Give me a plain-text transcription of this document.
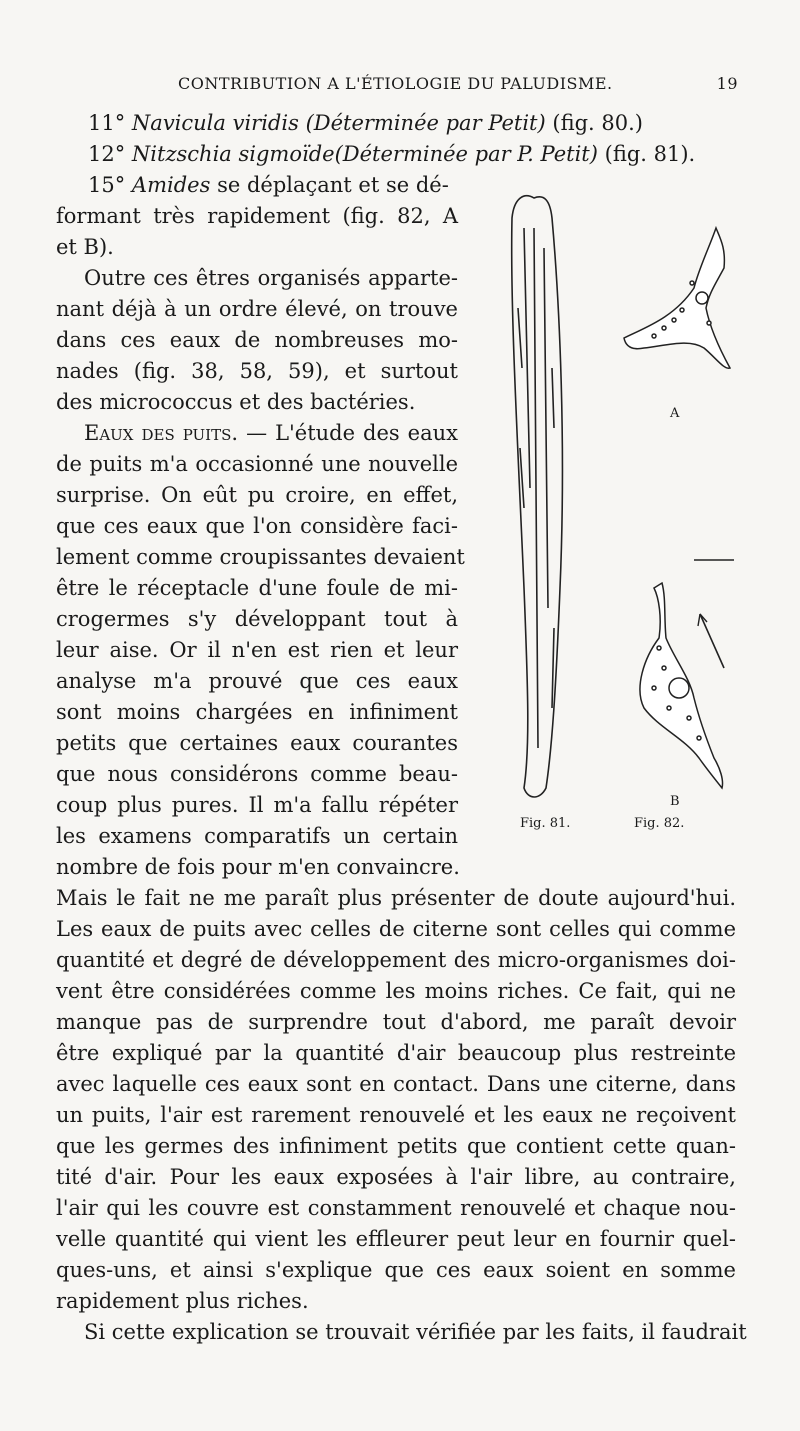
CONTRIBUTION A L'ÉTIOLOGIE DU PALUDISME.	19
11° Navicula viridis (Déterminée par Petit) (fig. 80.)
12° Nitzschia sigmoïde(Déterminée par P. Petit) (fig. 81).
15° Amides se déplaçant et se dé-
formant très rapidement (fig. 82, A
et B).
Outre ces êtres organisés apparte-
nant déjà à un ordre élevé, on trouve
dans ces eaux de nombreuses mo-
nades (fig. 38, 58, 59), et surtout
des micrococcus et des bactéries.
Eaux des puits. — L'étude des eaux
de puits m'a occasionné une nouvelle
surprise. On eût pu croire, en effet,
que ces eaux que l'on considère faci-
lement comme croupissantes devaient
être le réceptacle d'une foule de mi-
crogermes s'y développant tout à
leur aise. Or il n'en est rien et leur
analyse m'a prouvé que ces eaux
sont moins chargées en infiniment
petits que certaines eaux courantes
que nous considérons comme beau-
coup plus pures. Il m'a fallu répéter
les examens comparatifs un certain
nombre de fois pour m'en convaincre.
Mais le fait ne me paraît plus présenter de doute aujourd'hui.
Les eaux de puits avec celles de citerne sont celles qui comme
quantité et degré de développement des micro-organismes doi-
vent être considérées comme les moins riches. Ce fait, qui ne
manque pas de surprendre tout d'abord, me paraît devoir
être expliqué par la quantité d'air beaucoup plus restreinte
avec laquelle ces eaux sont en contact. Dans une citerne, dans
un puits, l'air est rarement renouvelé et les eaux ne reçoivent
que les germes des infiniment petits que contient cette quan-
tité d'air. Pour les eaux exposées à l'air libre, au contraire,
l'air qui les couvre est constamment renouvelé et chaque nou-
velle quantité qui vient les effleurer peut leur en fournir quel-
ques-uns, et ainsi s'explique que ces eaux soient en somme
rapidement plus riches.
Si cette explication se trouvait vérifiée par les faits, il faudrait
A
B
Fig. 81.	Fig. 82.
